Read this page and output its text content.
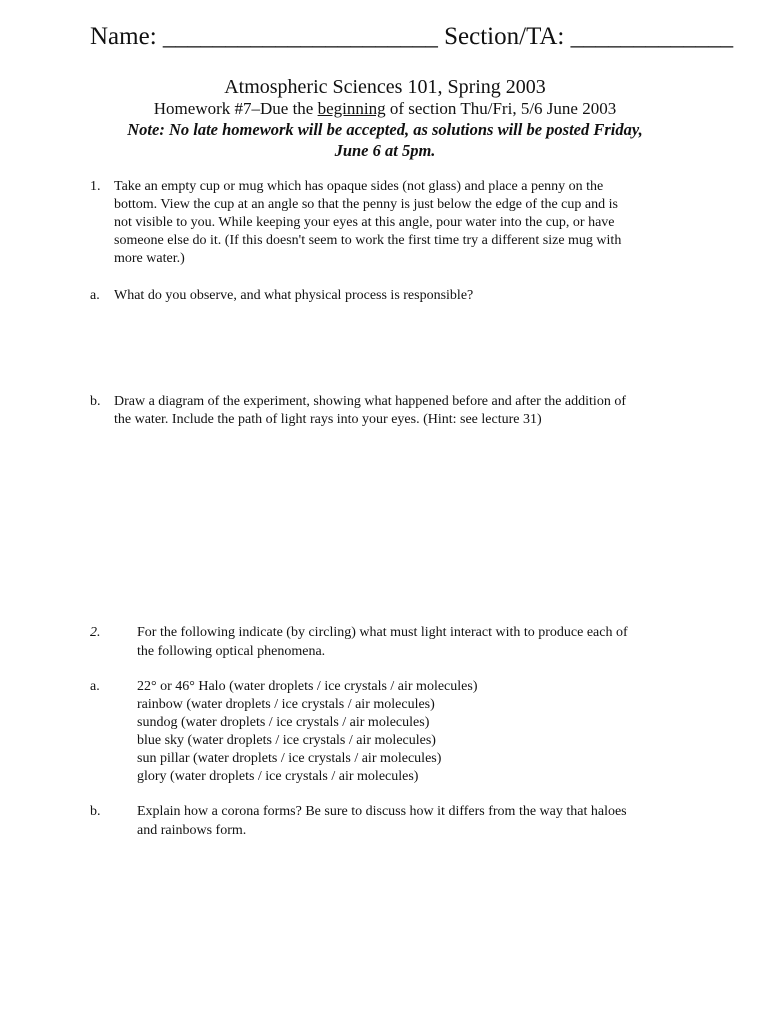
Name: ______________________ Section/TA: _____________
Atmospheric Sciences 101, Spring 2003
Homework #7–Due the beginning of section Thu/Fri, 5/6 June 2003
Note: No late homework will be accepted, as solutions will be posted Friday,
June 6 at 5pm.
1. Take an empty cup or mug which has opaque sides (not glass) and place a penny on the
bottom. View the cup at an angle so that the penny is just below the edge of the cup and is
not visible to you. While keeping your eyes at this angle, pour water into the cup, or have
someone else do it. (If this doesn't seem to work the first time try a different size mug with
more water.)
a. What do you observe, and what physical process is responsible?
b. Draw a diagram of the experiment, showing what happened before and after the addition of
the water. Include the path of light rays into your eyes. (Hint: see lecture 31)
2.	For the following indicate (by circling) what must light interact with to produce each of
the following optical phenomena.
a.	22° or 46° Halo (water droplets / ice crystals / air molecules)
rainbow (water droplets / ice crystals / air molecules)
sundog (water droplets / ice crystals / air molecules)
blue sky (water droplets / ice crystals / air molecules)
sun pillar (water droplets / ice crystals / air molecules)
glory (water droplets / ice crystals / air molecules)
b.	Explain how a corona forms? Be sure to discuss how it differs from the way that haloes
and rainbows form.
